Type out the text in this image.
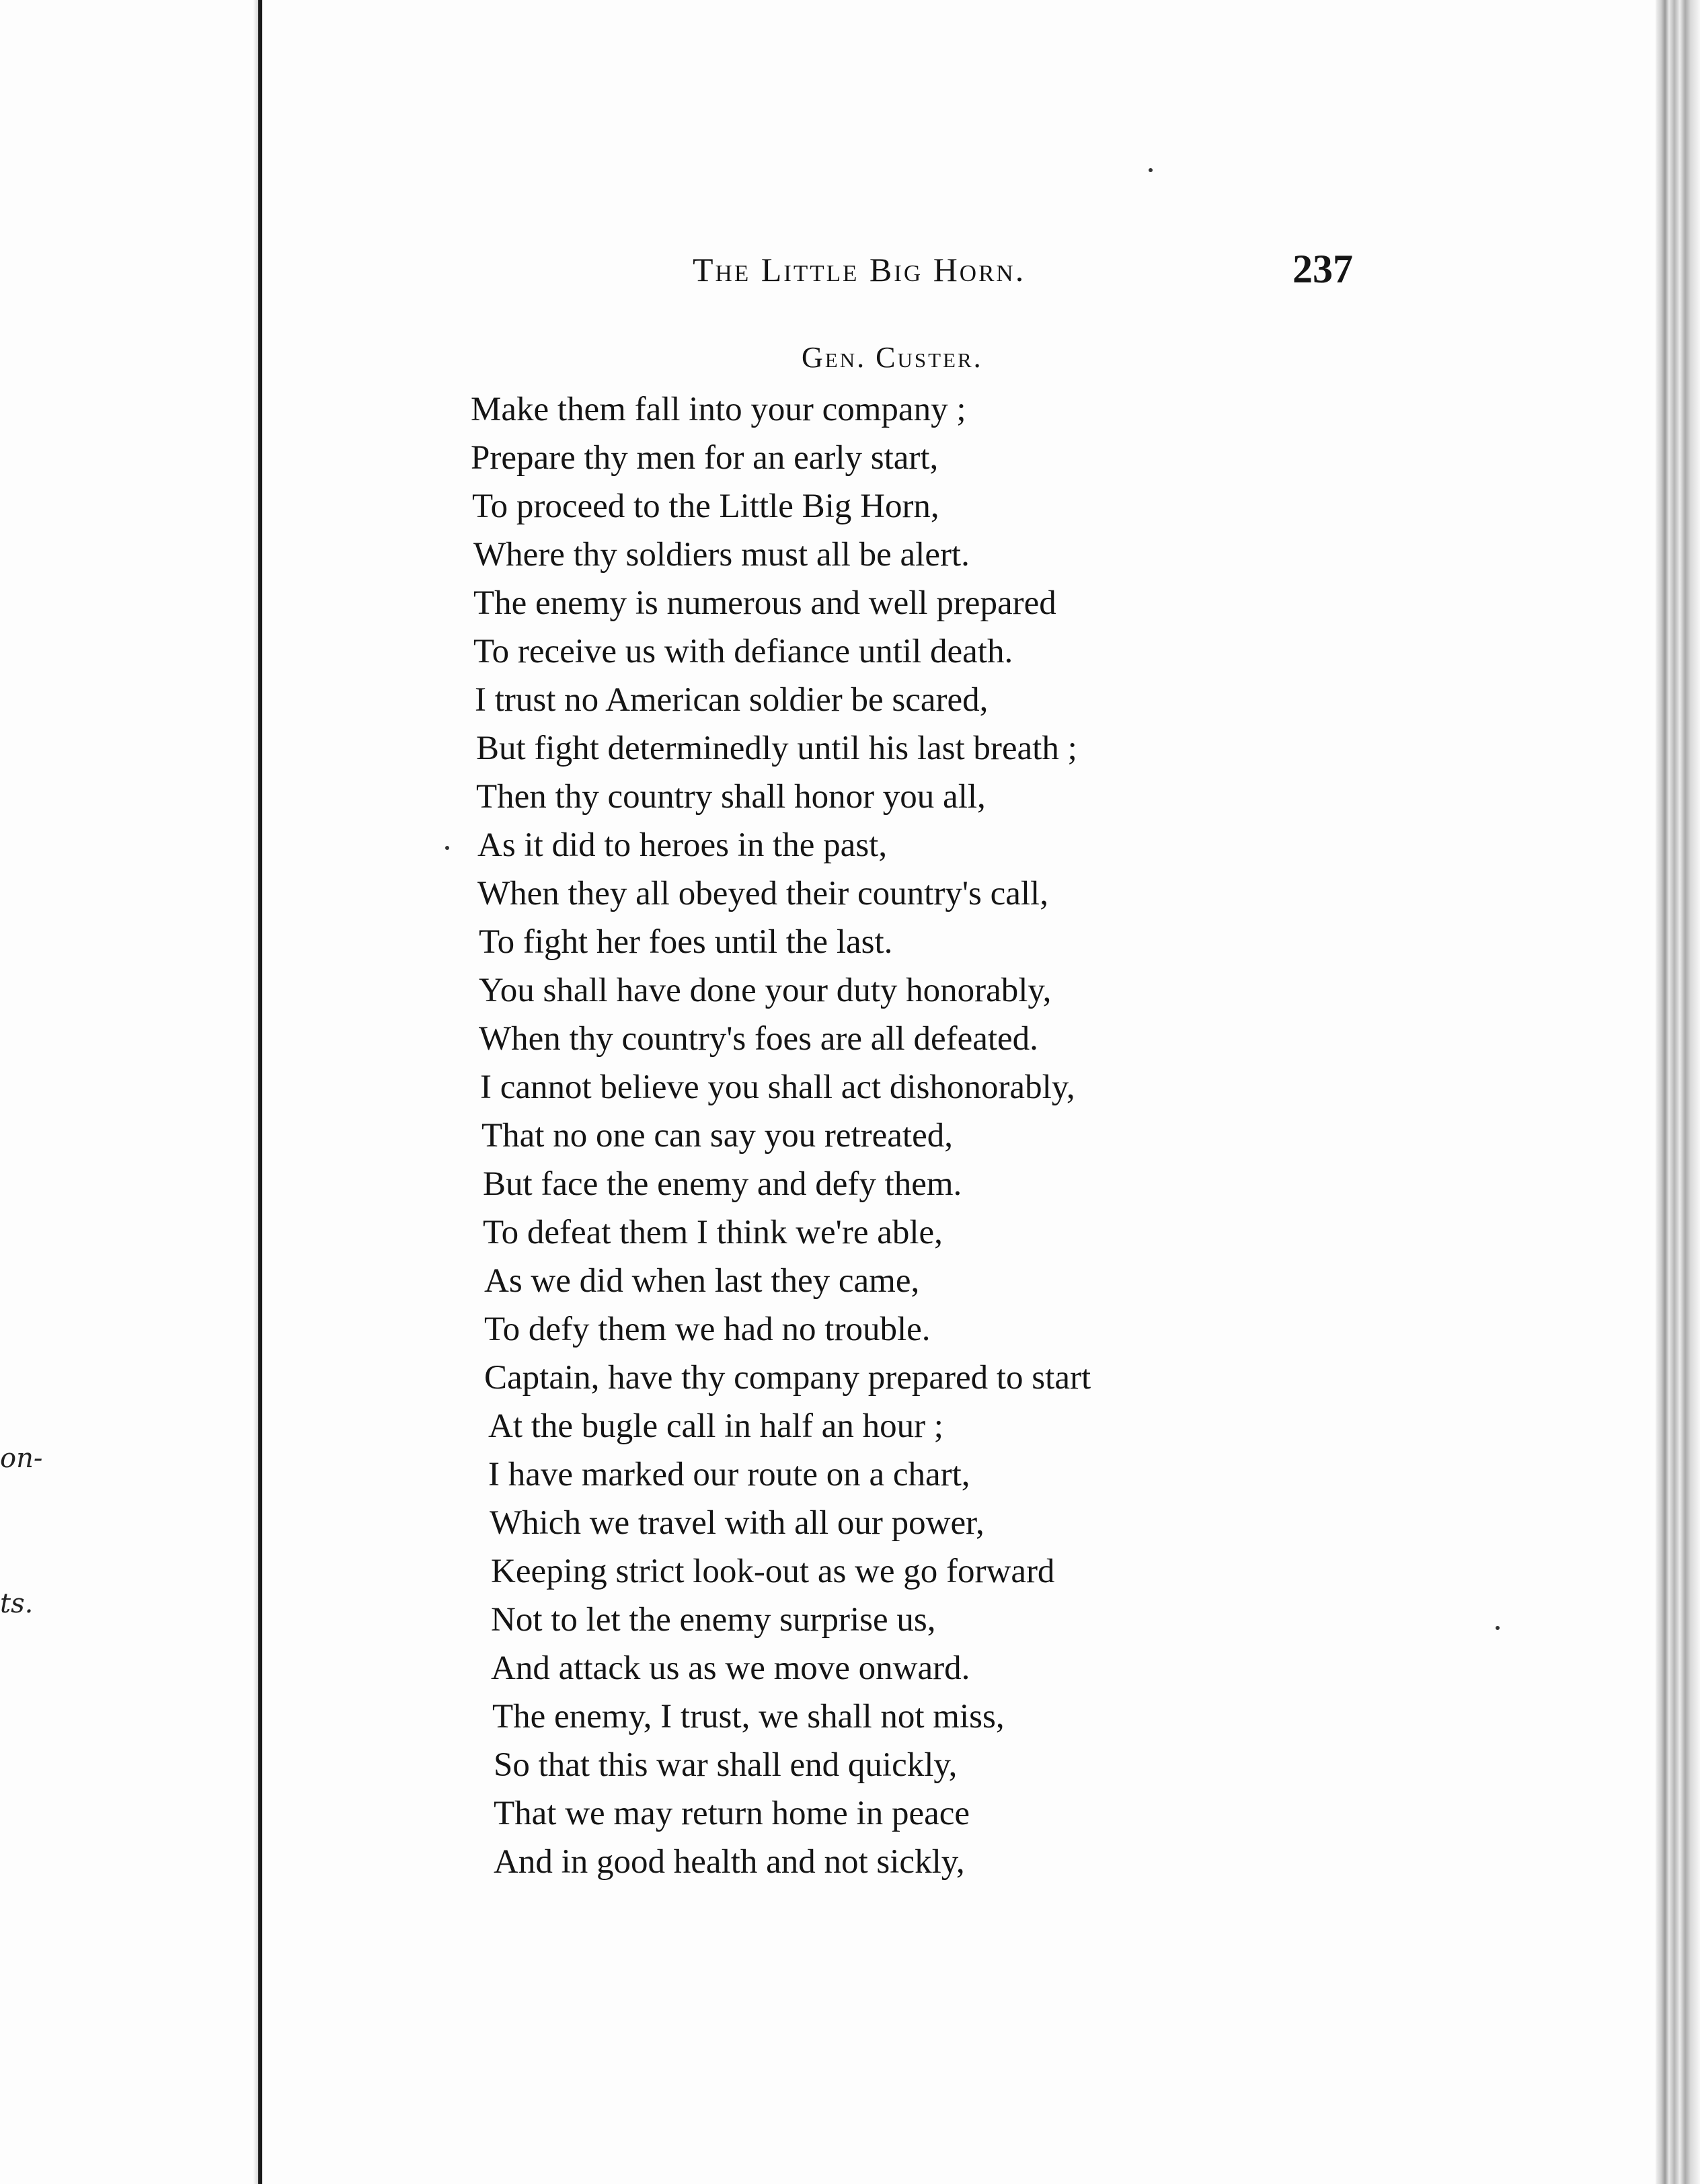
on-
ts.
The Little Big Horn.	237
Gen. Custer.
Make them fall into your company ;
Prepare thy men for an early start,
To proceed to the Little Big Horn,
Where thy soldiers must all be alert.
The enemy is numerous and well prepared
To receive us with defiance until death.
I trust no American soldier be scared,
But fight determinedly until his last breath ;
Then thy country shall honor you all,
As it did to heroes in the past,
When they all obeyed their country's call,
To fight her foes until the last.
You shall have done your duty honorably,
When thy country's foes are all defeated.
I cannot believe you shall act dishonorably,
That no one can say you retreated,
But face the enemy and defy them.
To defeat them I think we're able,
As we did when last they came,
To defy them we had no trouble.
Captain, have thy company prepared to start
At the bugle call in half an hour ;
I have marked our route on a chart,
Which we travel with all our power,
Keeping strict look-out as we go forward
Not to let the enemy surprise us,
And attack us as we move onward.
The enemy, I trust, we shall not miss,
So that this war shall end quickly,
That we may return home in peace
And in good health and not sickly,
